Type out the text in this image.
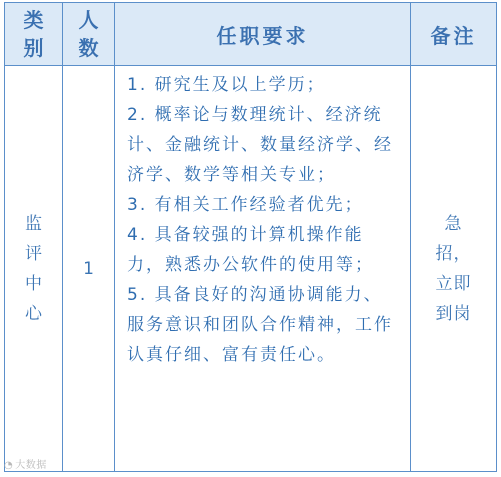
类别	人数	任职要求	备注
监评中心	1	1. 研究生及以上学历；

2. 概率论与数理统计、经济统计、金融统计、数量经济学、经济学、数学等相关专业；

3. 有相关工作经验者优先；

4. 具备较强的计算机操作能力，熟悉办公软件的使用等；

5. 具备良好的沟通协调能力、服务意识和团队合作精神，工作认真仔细、富有责任心。	急招，立即到岗
◔ 大数据
